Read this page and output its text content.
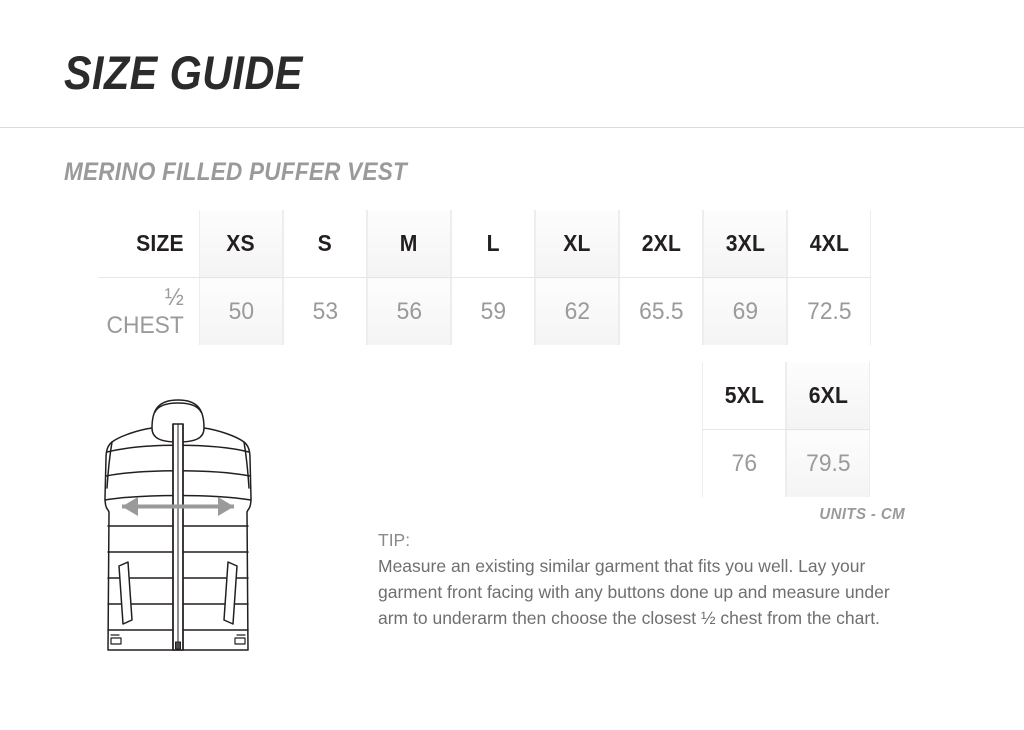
SIZE GUIDE
MERINO FILLED PUFFER VEST
SIZE	XS	S	M	L	XL	2XL	3XL	4XL
½ CHEST	50	53	56	59	62	65.5	69	72.5
5XL	6XL
76	79.5
UNITS - CM
TIP:
Measure an existing similar garment that fits you well. Lay your garment front facing with any buttons done up and measure under arm to underarm then choose the closest ½ chest from the chart.
